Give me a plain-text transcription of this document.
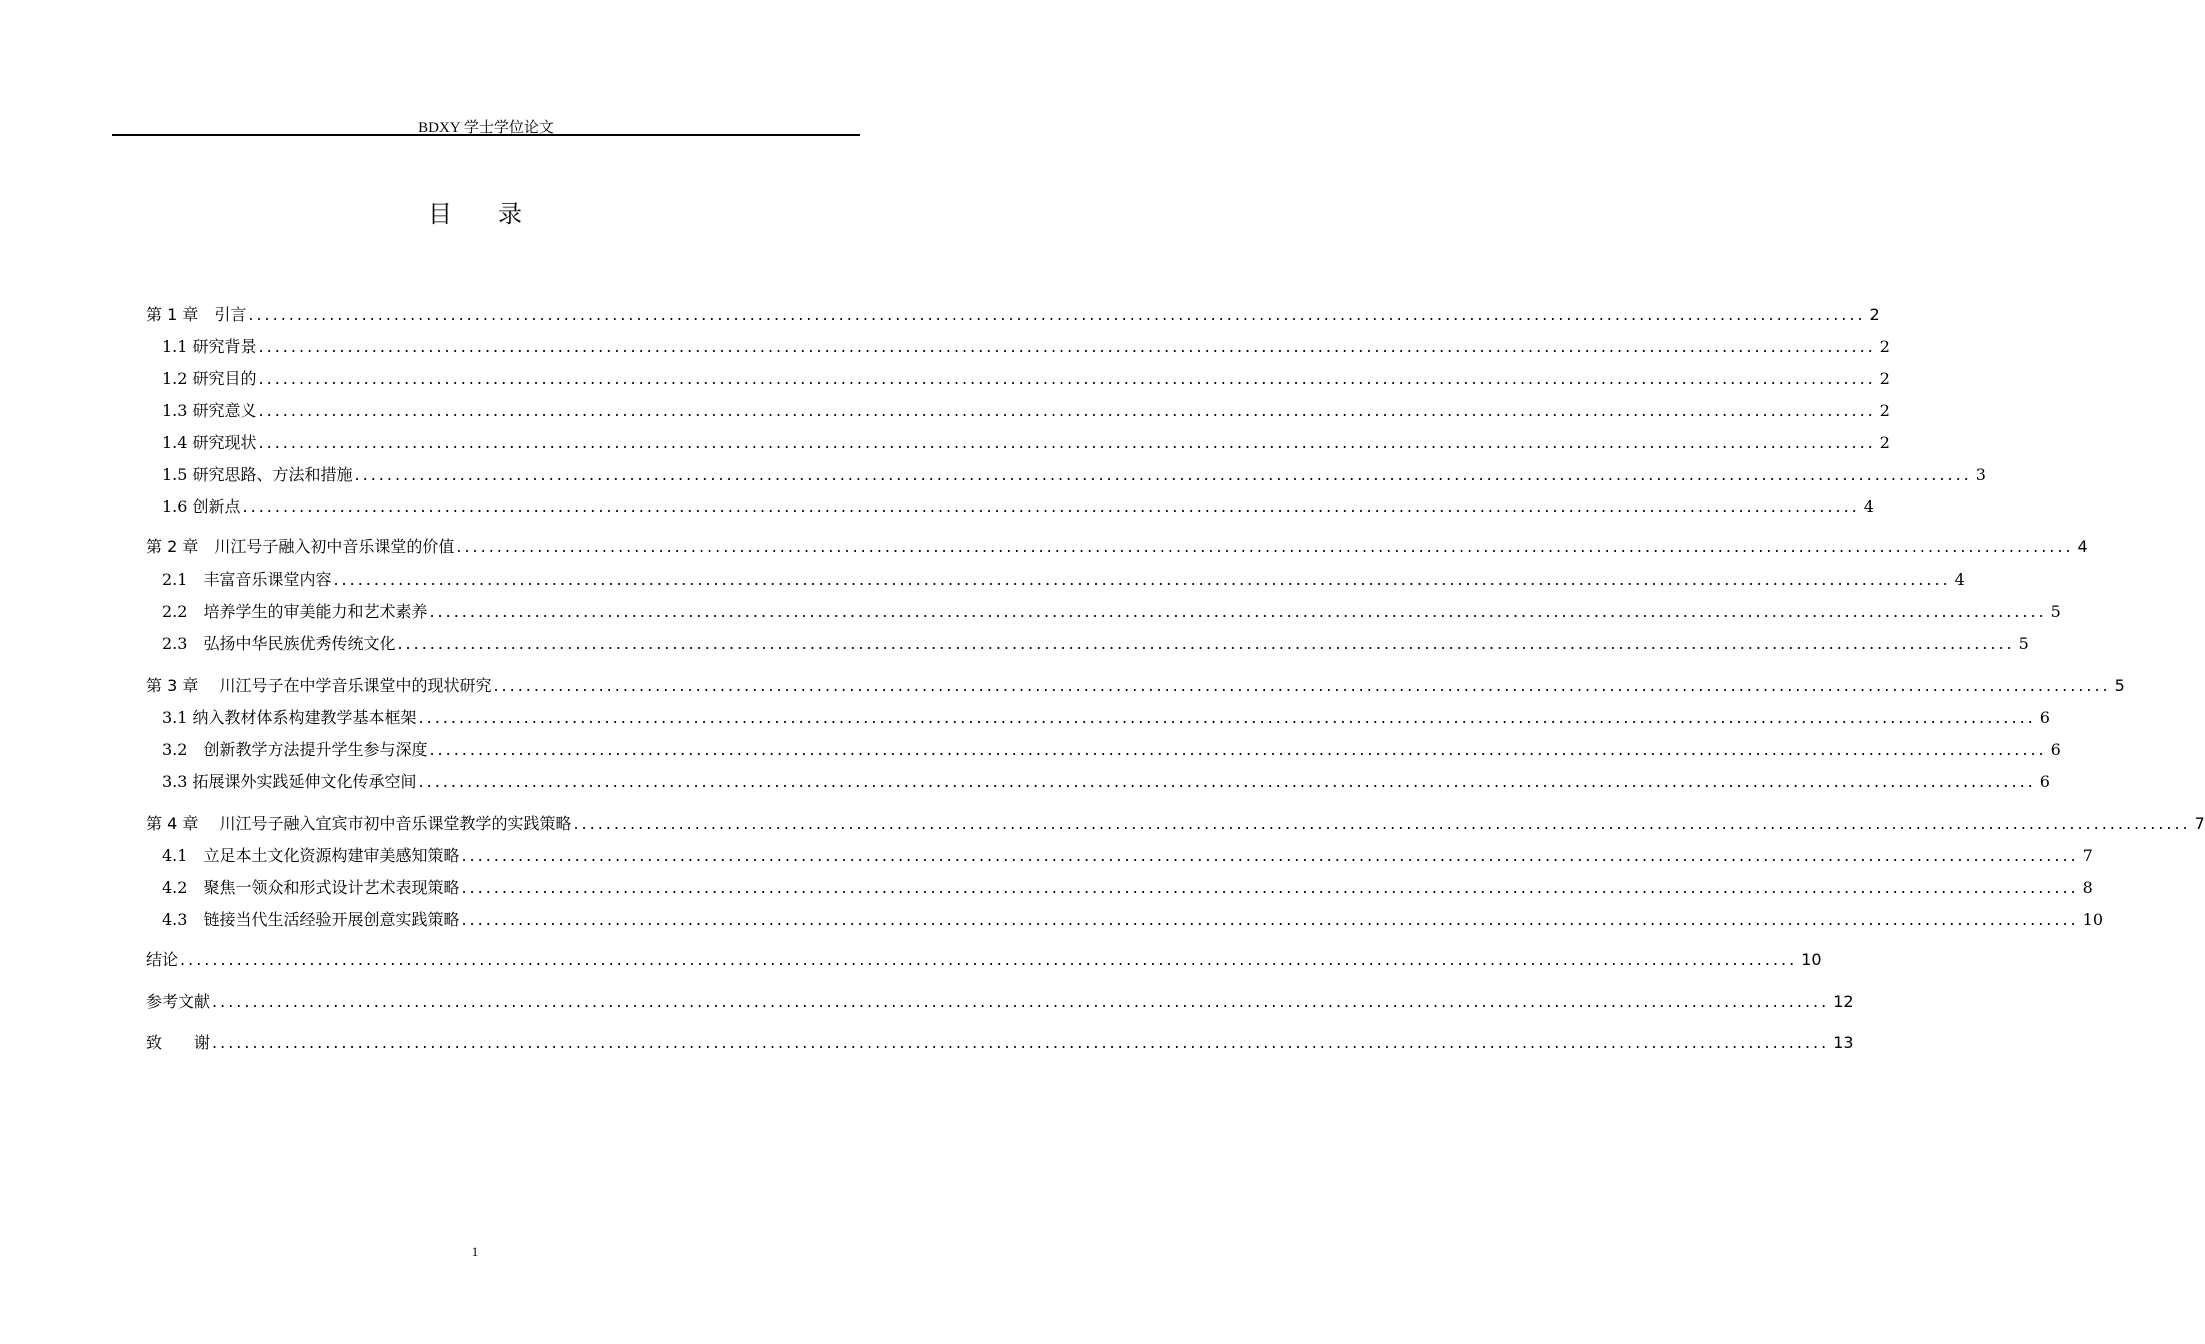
BDXY 学士学位论文
目录
第 1 章　引言 ........................................................................................................................................................................................................ 2
1.1 研究背景 ........................................................................................................................................................................................................ 2
1.2 研究目的 ........................................................................................................................................................................................................ 2
1.3 研究意义 ........................................................................................................................................................................................................ 2
1.4 研究现状 ........................................................................................................................................................................................................ 2
1.5 研究思路、方法和措施 ........................................................................................................................................................................................................ 3
1.6 创新点 ........................................................................................................................................................................................................ 4
第 2 章　川江号子融入初中音乐课堂的价值 ........................................................................................................................................................................................................ 4
2.1　丰富音乐课堂内容 ........................................................................................................................................................................................................ 4
2.2　培养学生的审美能力和艺术素养 ........................................................................................................................................................................................................ 5
2.3　弘扬中华民族优秀传统文化 ........................................................................................................................................................................................................ 5
第 3 章　 川江号子在中学音乐课堂中的现状研究 ........................................................................................................................................................................................................ 5
3.1 纳入教材体系构建教学基本框架 ........................................................................................................................................................................................................ 6
3.2　创新教学方法提升学生参与深度 ........................................................................................................................................................................................................ 6
3.3 拓展课外实践延伸文化传承空间 ........................................................................................................................................................................................................ 6
第 4 章　 川江号子融入宜宾市初中音乐课堂教学的实践策略 ........................................................................................................................................................................................................ 7
4.1　立足本土文化资源构建审美感知策略 ........................................................................................................................................................................................................ 7
4.2　聚焦一领众和形式设计艺术表现策略 ........................................................................................................................................................................................................ 8
4.3　链接当代生活经验开展创意实践策略 ........................................................................................................................................................................................................ 10
结论 ........................................................................................................................................................................................................ 10
参考文献 ........................................................................................................................................................................................................ 12
致　　谢 ........................................................................................................................................................................................................ 13
1
